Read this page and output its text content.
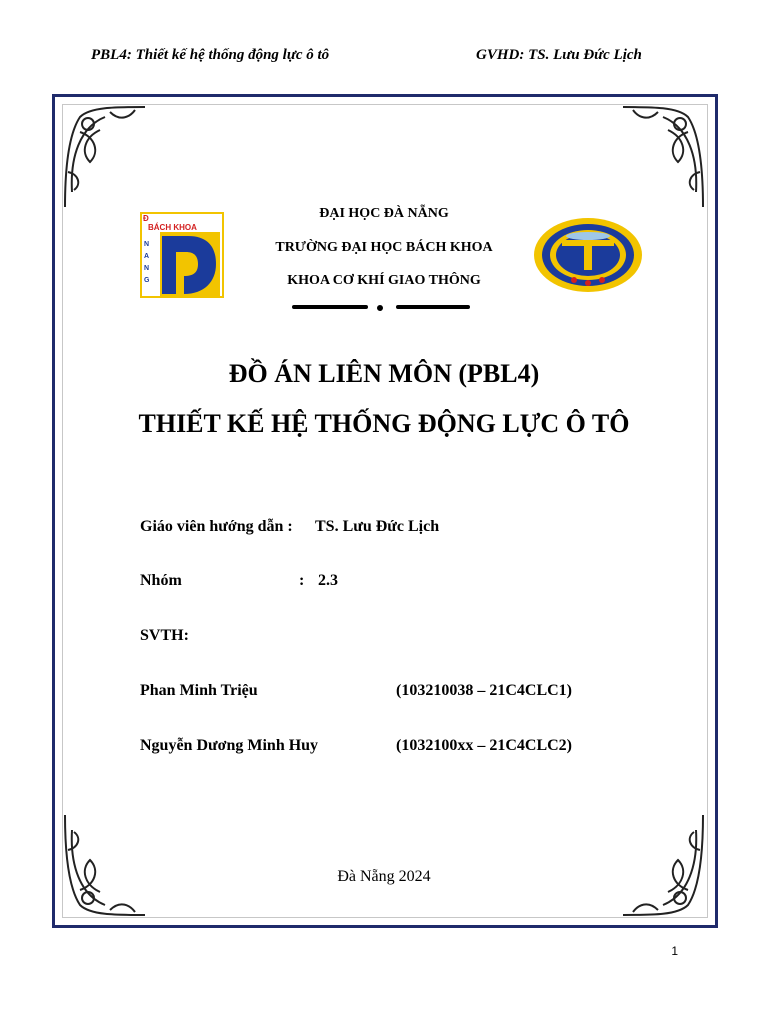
PBL4: Thiết kế hệ thống động lực ô tô	GVHD: TS. Lưu Đức Lịch
ĐẠI HỌC ĐÀ NẴNG
TRƯỜNG ĐẠI HỌC BÁCH KHOA
KHOA CƠ KHÍ GIAO THÔNG
Đ
BÁCH KHOA
N
A
N
G
ĐỒ ÁN LIÊN MÔN (PBL4)
THIẾT KẾ HỆ THỐNG ĐỘNG LỰC Ô TÔ
Giáo viên hướng dẫn : TS. Lưu Đức Lịch
Nhóm	: 2.3
SVTH:
Phan Minh Triệu	(103210038 – 21C4CLC1)
Nguyễn Dương Minh Huy	(1032100xx – 21C4CLC2)
Đà Nẵng 2024
1
